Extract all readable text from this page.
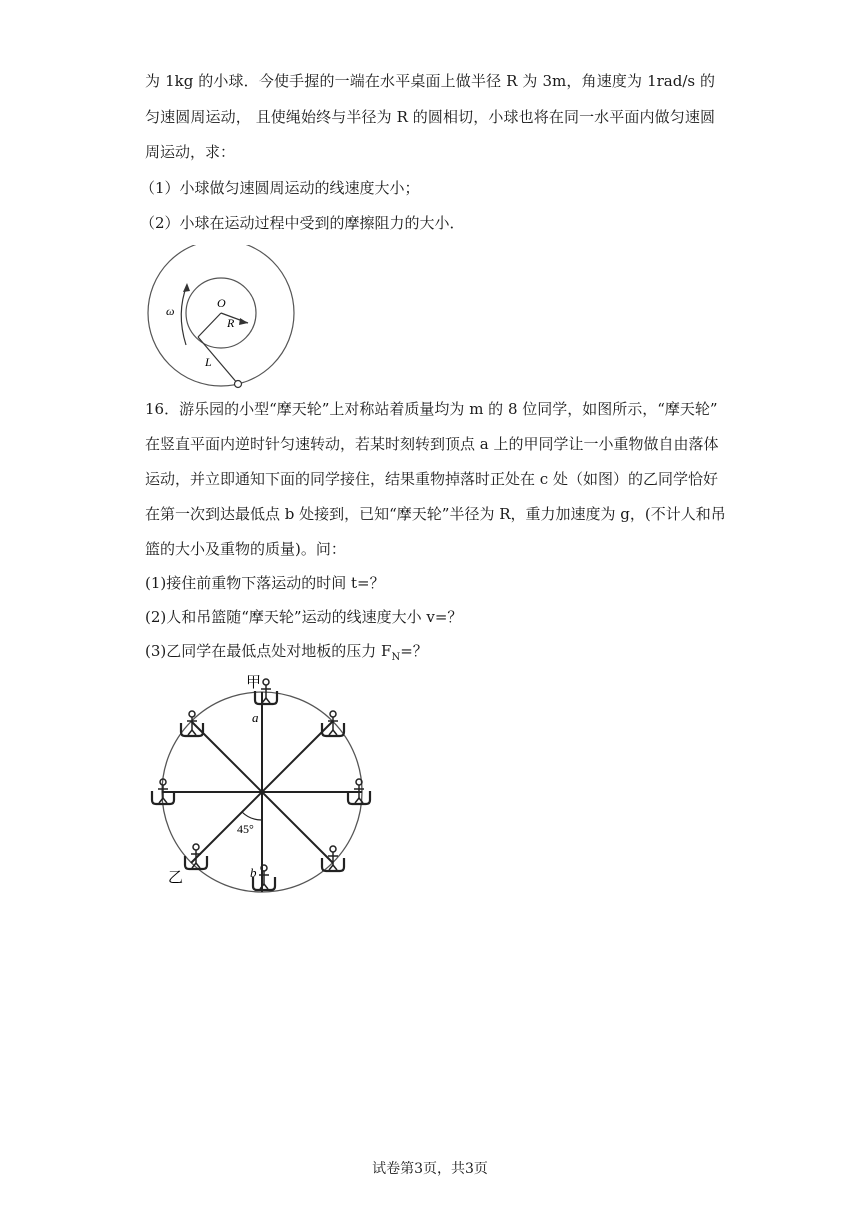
为 1kg 的小球．今使手握的一端在水平桌面上做半径 R 为 3m，角速度为 1rad/s 的
匀速圆周运动， 且使绳始终与半径为 R 的圆相切，小球也将在同一水平面内做匀速圆
周运动，求：
（1）小球做匀速圆周运动的线速度大小；
（2）小球在运动过程中受到的摩擦阻力的大小．
ω
O
R
L
16．游乐园的小型“摩天轮”上对称站着质量均为 m 的 8 位同学，如图所示，“摩天轮”
在竖直平面内逆时针匀速转动，若某时刻转到顶点 a 上的甲同学让一小重物做自由落体
运动，并立即通知下面的同学接住，结果重物掉落时正处在 c 处（如图）的乙同学恰好
在第一次到达最低点 b 处接到，已知“摩天轮”半径为 R，重力加速度为 g，(不计人和吊
篮的大小及重物的质量)。问：
(1)接住前重物下落运动的时间 t=？
(2)人和吊篮随“摩天轮”运动的线速度大小 v=？
(3)乙同学在最低点处对地板的压力 $F_N=$？
甲
乙
a
b
45°
试卷第3页，共3页
